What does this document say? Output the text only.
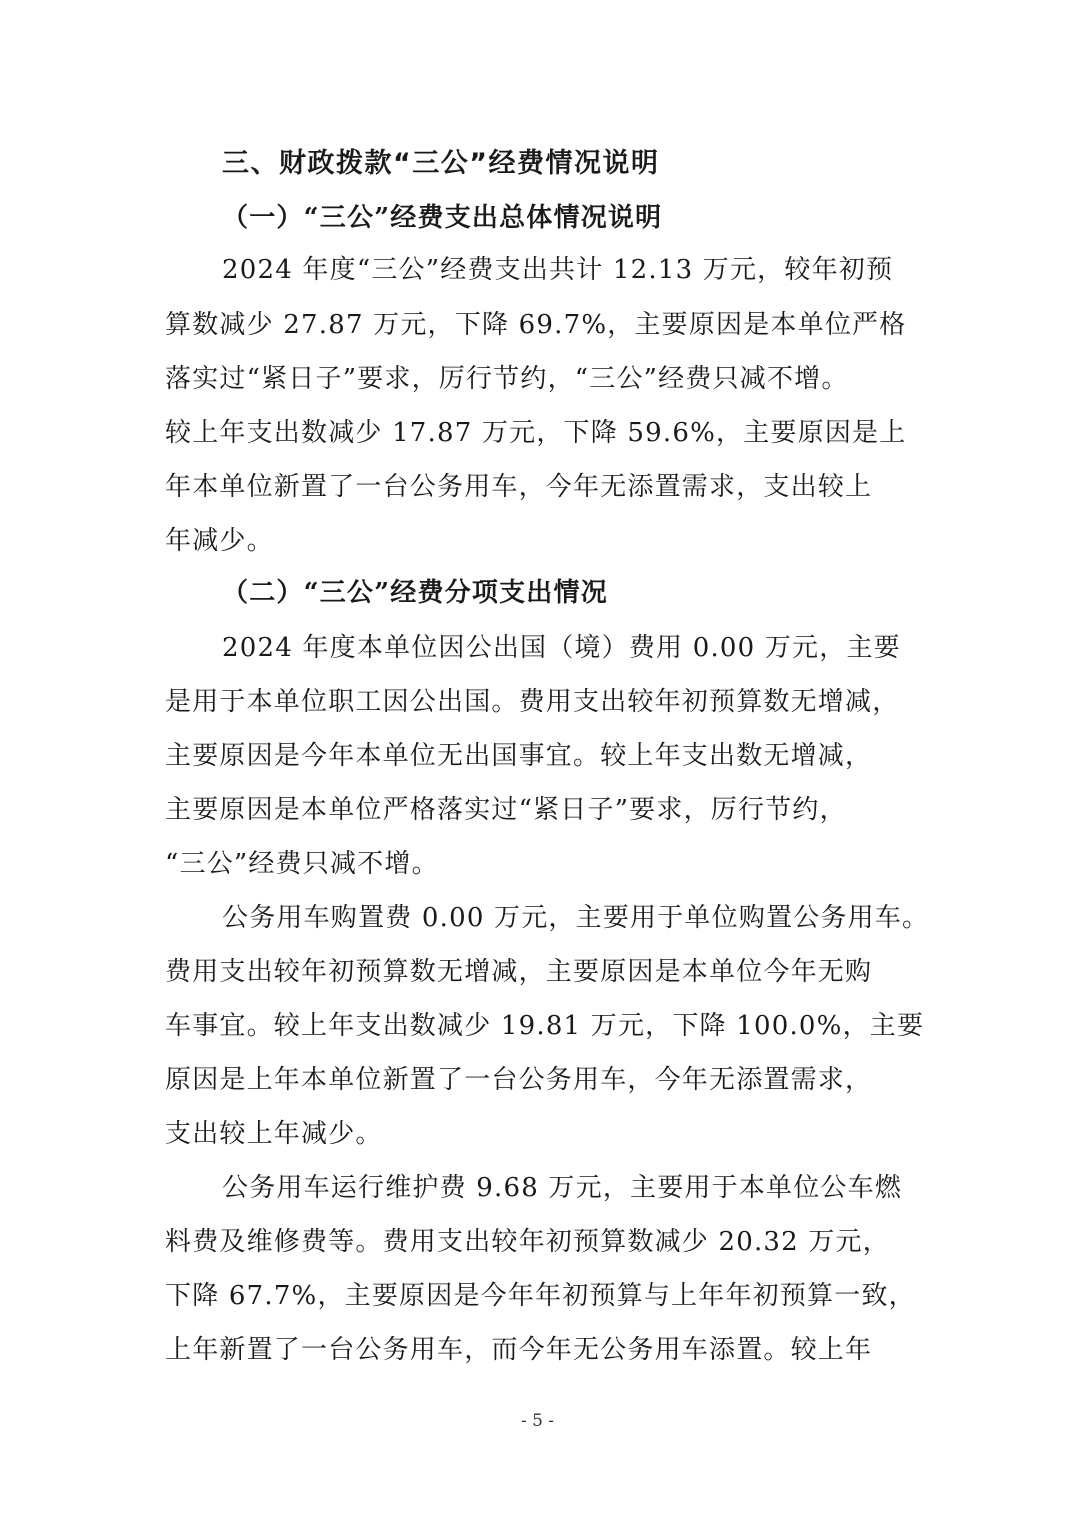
三、财政拨款“三公”经费情况说明
（一）“三公”经费支出总体情况说明
2024 年度“三公”经费支出共计 12.13 万元，较年初预
算数减少 27.87 万元，下降 69.7%，主要原因是本单位严格
落实过“紧日子”要求，厉行节约，“三公”经费只减不增。
较上年支出数减少 17.87 万元，下降 59.6%，主要原因是上
年本单位新置了一台公务用车，今年无添置需求，支出较上
年减少。
（二）“三公”经费分项支出情况
2024 年度本单位因公出国（境）费用 0.00 万元，主要
是用于本单位职工因公出国。费用支出较年初预算数无增减，
主要原因是今年本单位无出国事宜。较上年支出数无增减，
主要原因是本单位严格落实过“紧日子”要求，厉行节约，
“三公”经费只减不增。
公务用车购置费 0.00 万元，主要用于单位购置公务用车。
费用支出较年初预算数无增减，主要原因是本单位今年无购
车事宜。较上年支出数减少 19.81 万元，下降 100.0%，主要
原因是上年本单位新置了一台公务用车，今年无添置需求，
支出较上年减少。
公务用车运行维护费 9.68 万元，主要用于本单位公车燃
料费及维修费等。费用支出较年初预算数减少 20.32 万元，
下降 67.7%，主要原因是今年年初预算与上年年初预算一致，
上年新置了一台公务用车，而今年无公务用车添置。较上年
- 5 -
